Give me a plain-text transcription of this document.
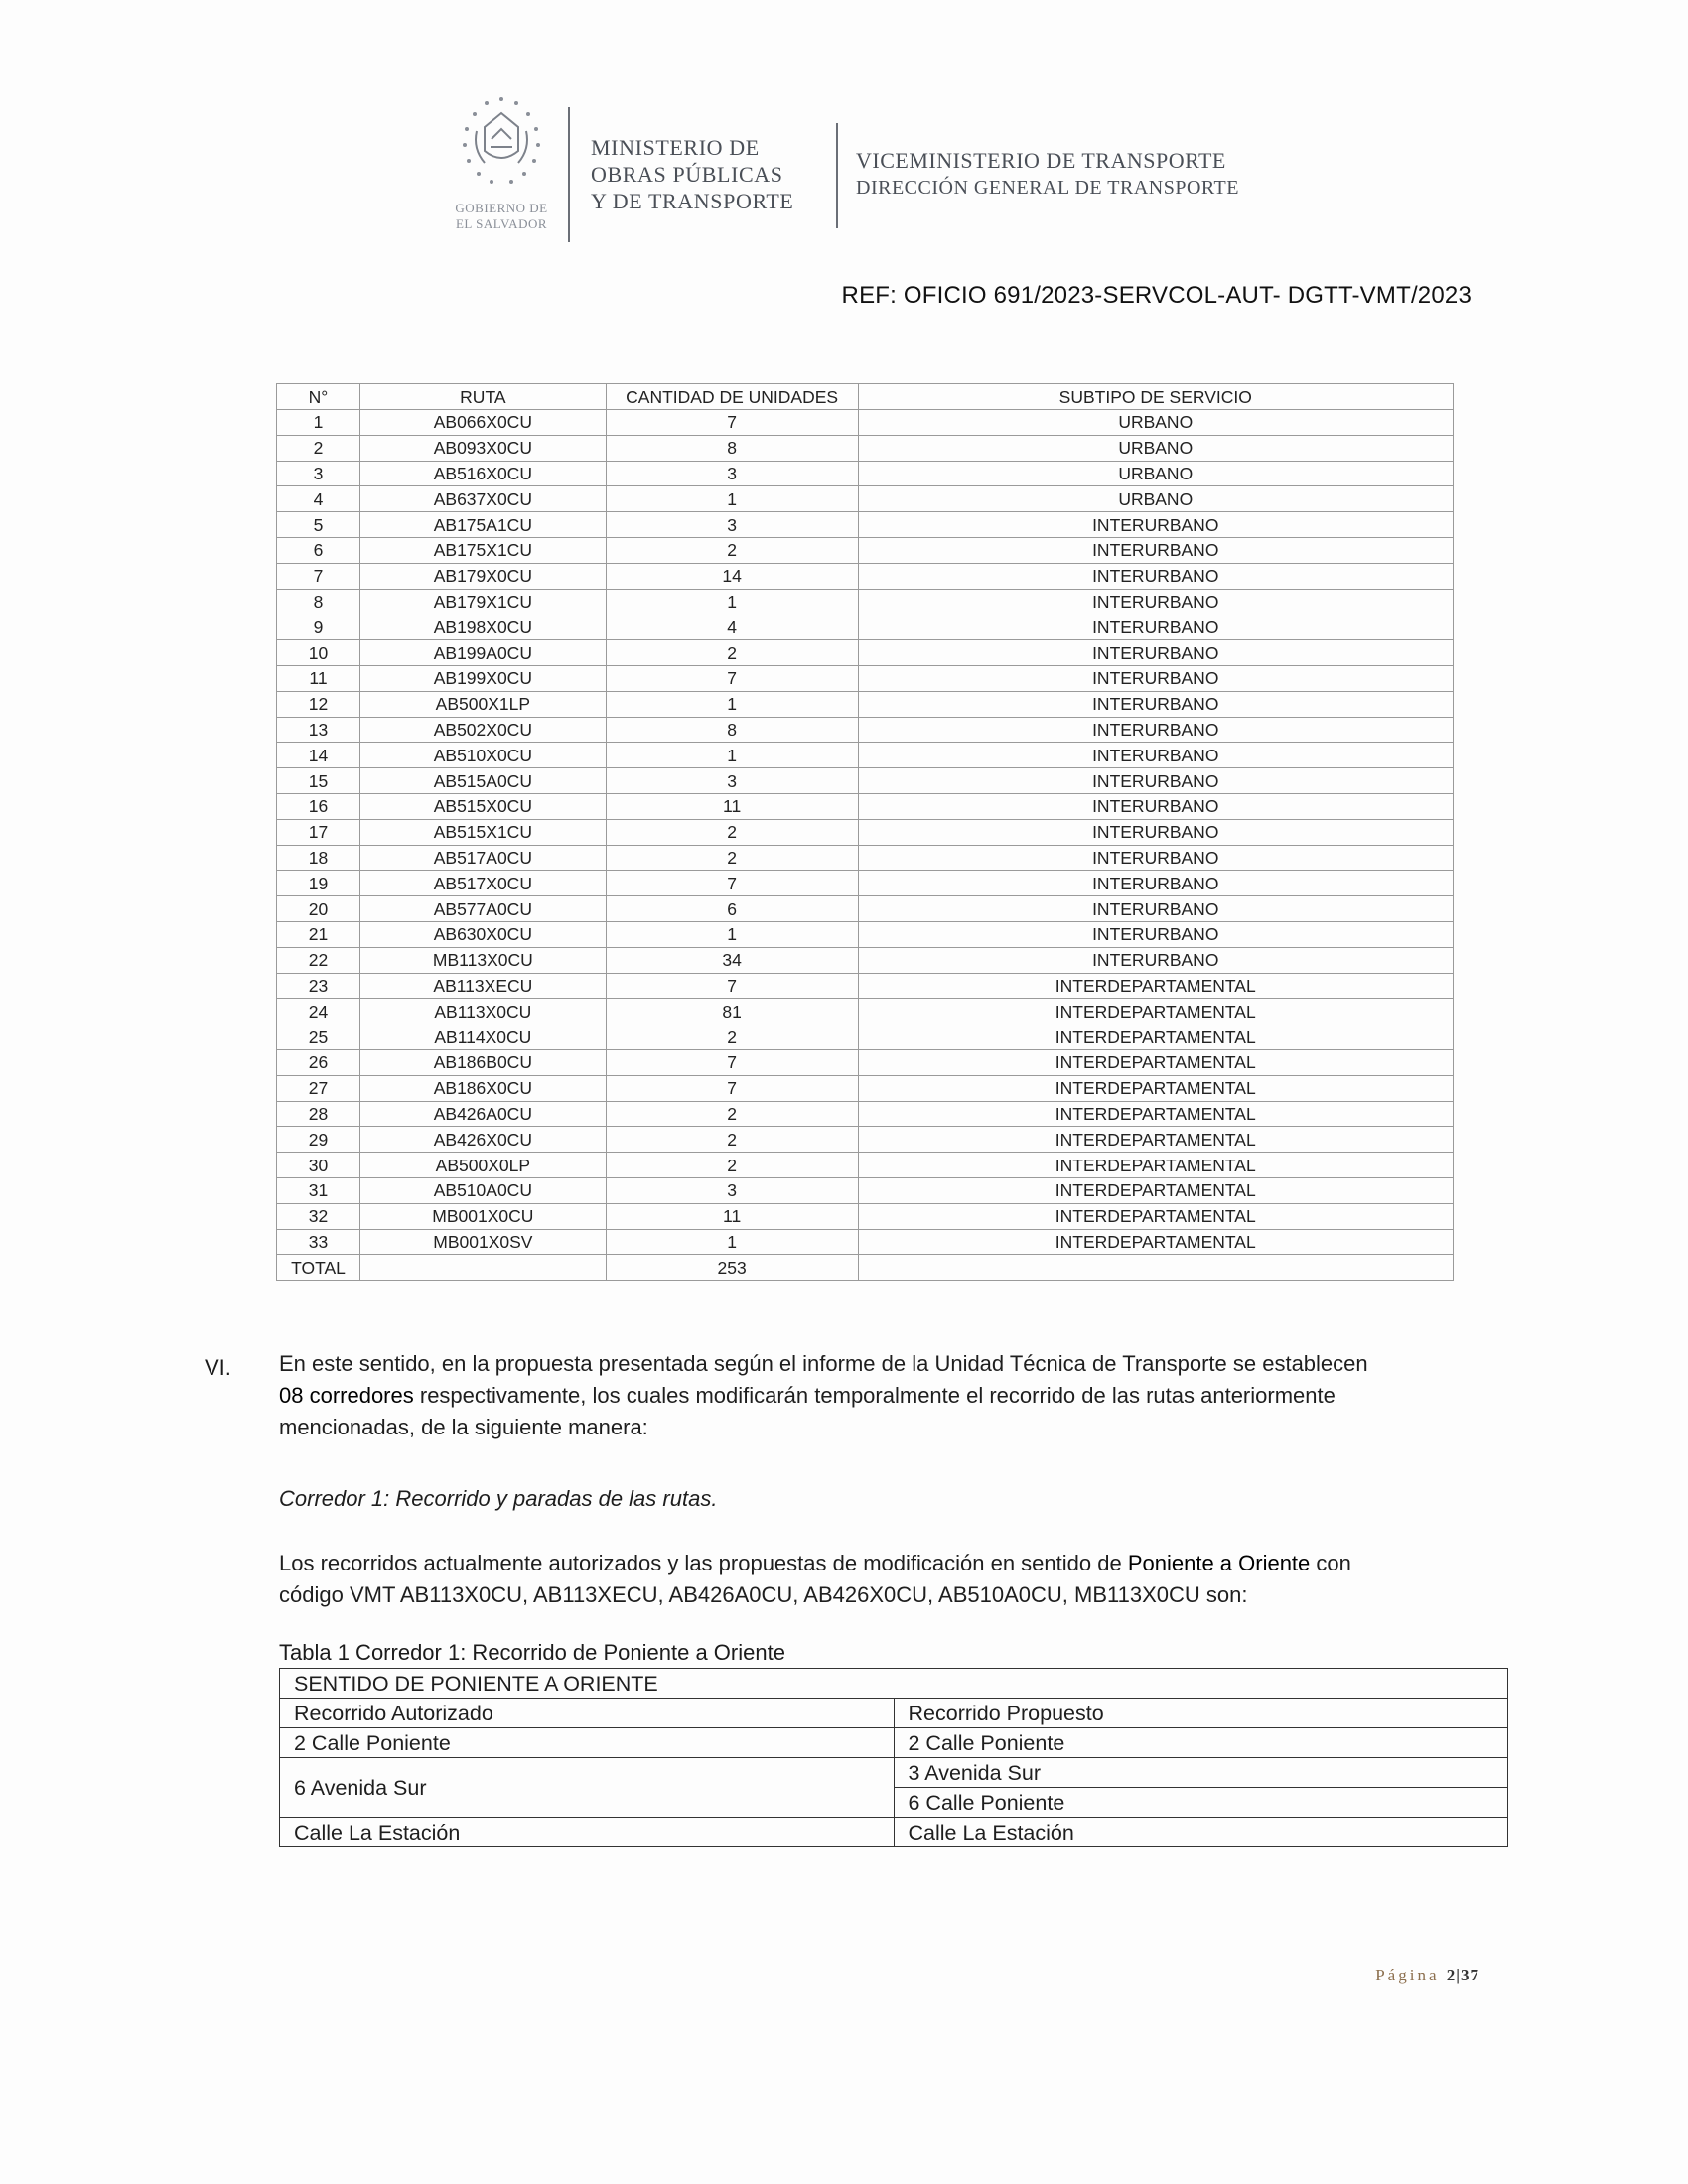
GOBIERNO DE
EL SALVADOR
MINISTERIO DE
OBRAS PÚBLICAS
Y DE TRANSPORTE
VICEMINISTERIO DE TRANSPORTE
DIRECCIÓN GENERAL DE TRANSPORTE
REF: OFICIO 691/2023-SERVCOL-AUT- DGTT-VMT/2023
N°	RUTA	CANTIDAD DE UNIDADES	SUBTIPO DE SERVICIO
1	AB066X0CU	7	URBANO
2	AB093X0CU	8	URBANO
3	AB516X0CU	3	URBANO
4	AB637X0CU	1	URBANO
5	AB175A1CU	3	INTERURBANO
6	AB175X1CU	2	INTERURBANO
7	AB179X0CU	14	INTERURBANO
8	AB179X1CU	1	INTERURBANO
9	AB198X0CU	4	INTERURBANO
10	AB199A0CU	2	INTERURBANO
11	AB199X0CU	7	INTERURBANO
12	AB500X1LP	1	INTERURBANO
13	AB502X0CU	8	INTERURBANO
14	AB510X0CU	1	INTERURBANO
15	AB515A0CU	3	INTERURBANO
16	AB515X0CU	11	INTERURBANO
17	AB515X1CU	2	INTERURBANO
18	AB517A0CU	2	INTERURBANO
19	AB517X0CU	7	INTERURBANO
20	AB577A0CU	6	INTERURBANO
21	AB630X0CU	1	INTERURBANO
22	MB113X0CU	34	INTERURBANO
23	AB113XECU	7	INTERDEPARTAMENTAL
24	AB113X0CU	81	INTERDEPARTAMENTAL
25	AB114X0CU	2	INTERDEPARTAMENTAL
26	AB186B0CU	7	INTERDEPARTAMENTAL
27	AB186X0CU	7	INTERDEPARTAMENTAL
28	AB426A0CU	2	INTERDEPARTAMENTAL
29	AB426X0CU	2	INTERDEPARTAMENTAL
30	AB500X0LP	2	INTERDEPARTAMENTAL
31	AB510A0CU	3	INTERDEPARTAMENTAL
32	MB001X0CU	11	INTERDEPARTAMENTAL
33	MB001X0SV	1	INTERDEPARTAMENTAL
TOTAL		253	
VI. En este sentido, en la propuesta presentada según el informe de la Unidad Técnica de Transporte se establecen
08 corredores respectivamente, los cuales modificarán temporalmente el recorrido de las rutas anteriormente
mencionadas, de la siguiente manera:
Corredor 1: Recorrido y paradas de las rutas.
Los recorridos actualmente autorizados y las propuestas de modificación en sentido de Poniente a Oriente con
código VMT AB113X0CU, AB113XECU, AB426A0CU, AB426X0CU, AB510A0CU, MB113X0CU son:
Tabla 1 Corredor 1: Recorrido de Poniente a Oriente
SENTIDO DE PONIENTE A ORIENTE	
Recorrido Autorizado	Recorrido Propuesto
2 Calle Poniente	2 Calle Poniente
6 Avenida Sur	3 Avenida Sur
	6 Calle Poniente
Calle La Estación	Calle La Estación
Página 2|37
